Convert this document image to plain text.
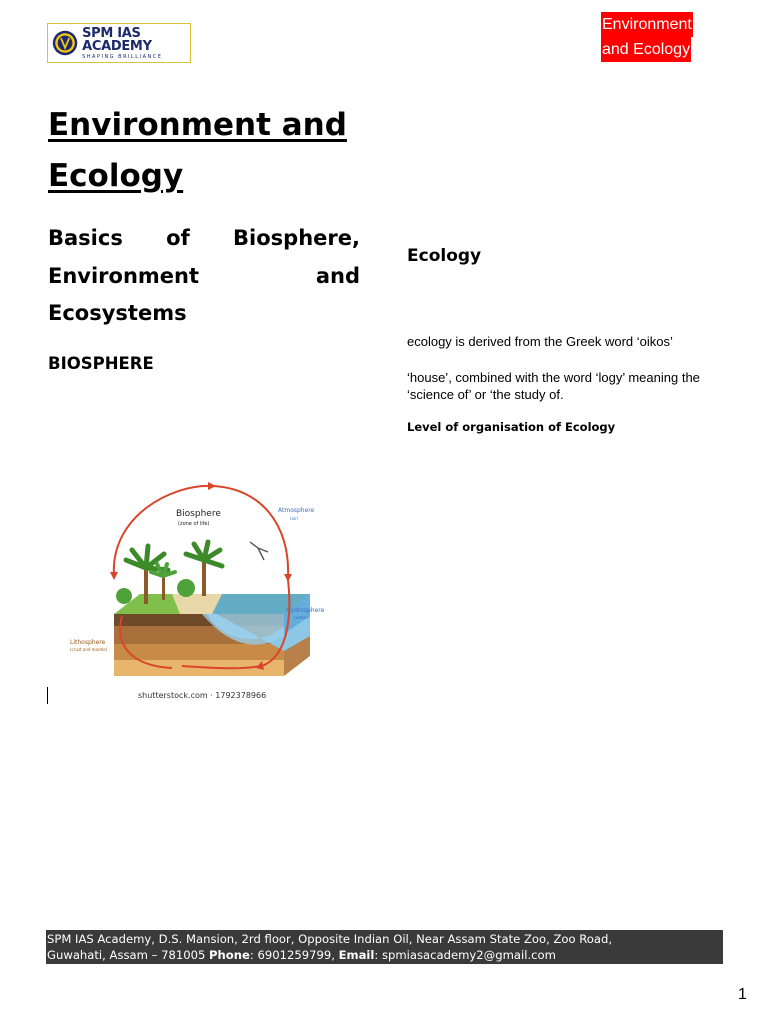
SPM IAS ACADEMY
SHAPING BRILLIANCE
Environment
and Ecology
Environment and
Ecology
Basics of Biosphere, Environment and Ecosystems
BIOSPHERE
Biosphere
(zone of life)
Atmosphere
(air)
Hydrosphere
(water)
Lithosphere
(crust and mantle)
shutterstock.com · 1792378966
Ecology

ecology is derived from the Greek word ‘oikos’

‘house’, combined with the word ‘logy’ meaning the ‘science of’ or ‘the study of.

Level of organisation of Ecology
SPM IAS Academy, D.S. Mansion, 2rd floor, Opposite Indian Oil, Near Assam State Zoo, Zoo Road,
Guwahati, Assam – 781005 Phone: 6901259799, Email: spmiasacademy2@gmail.com
1
